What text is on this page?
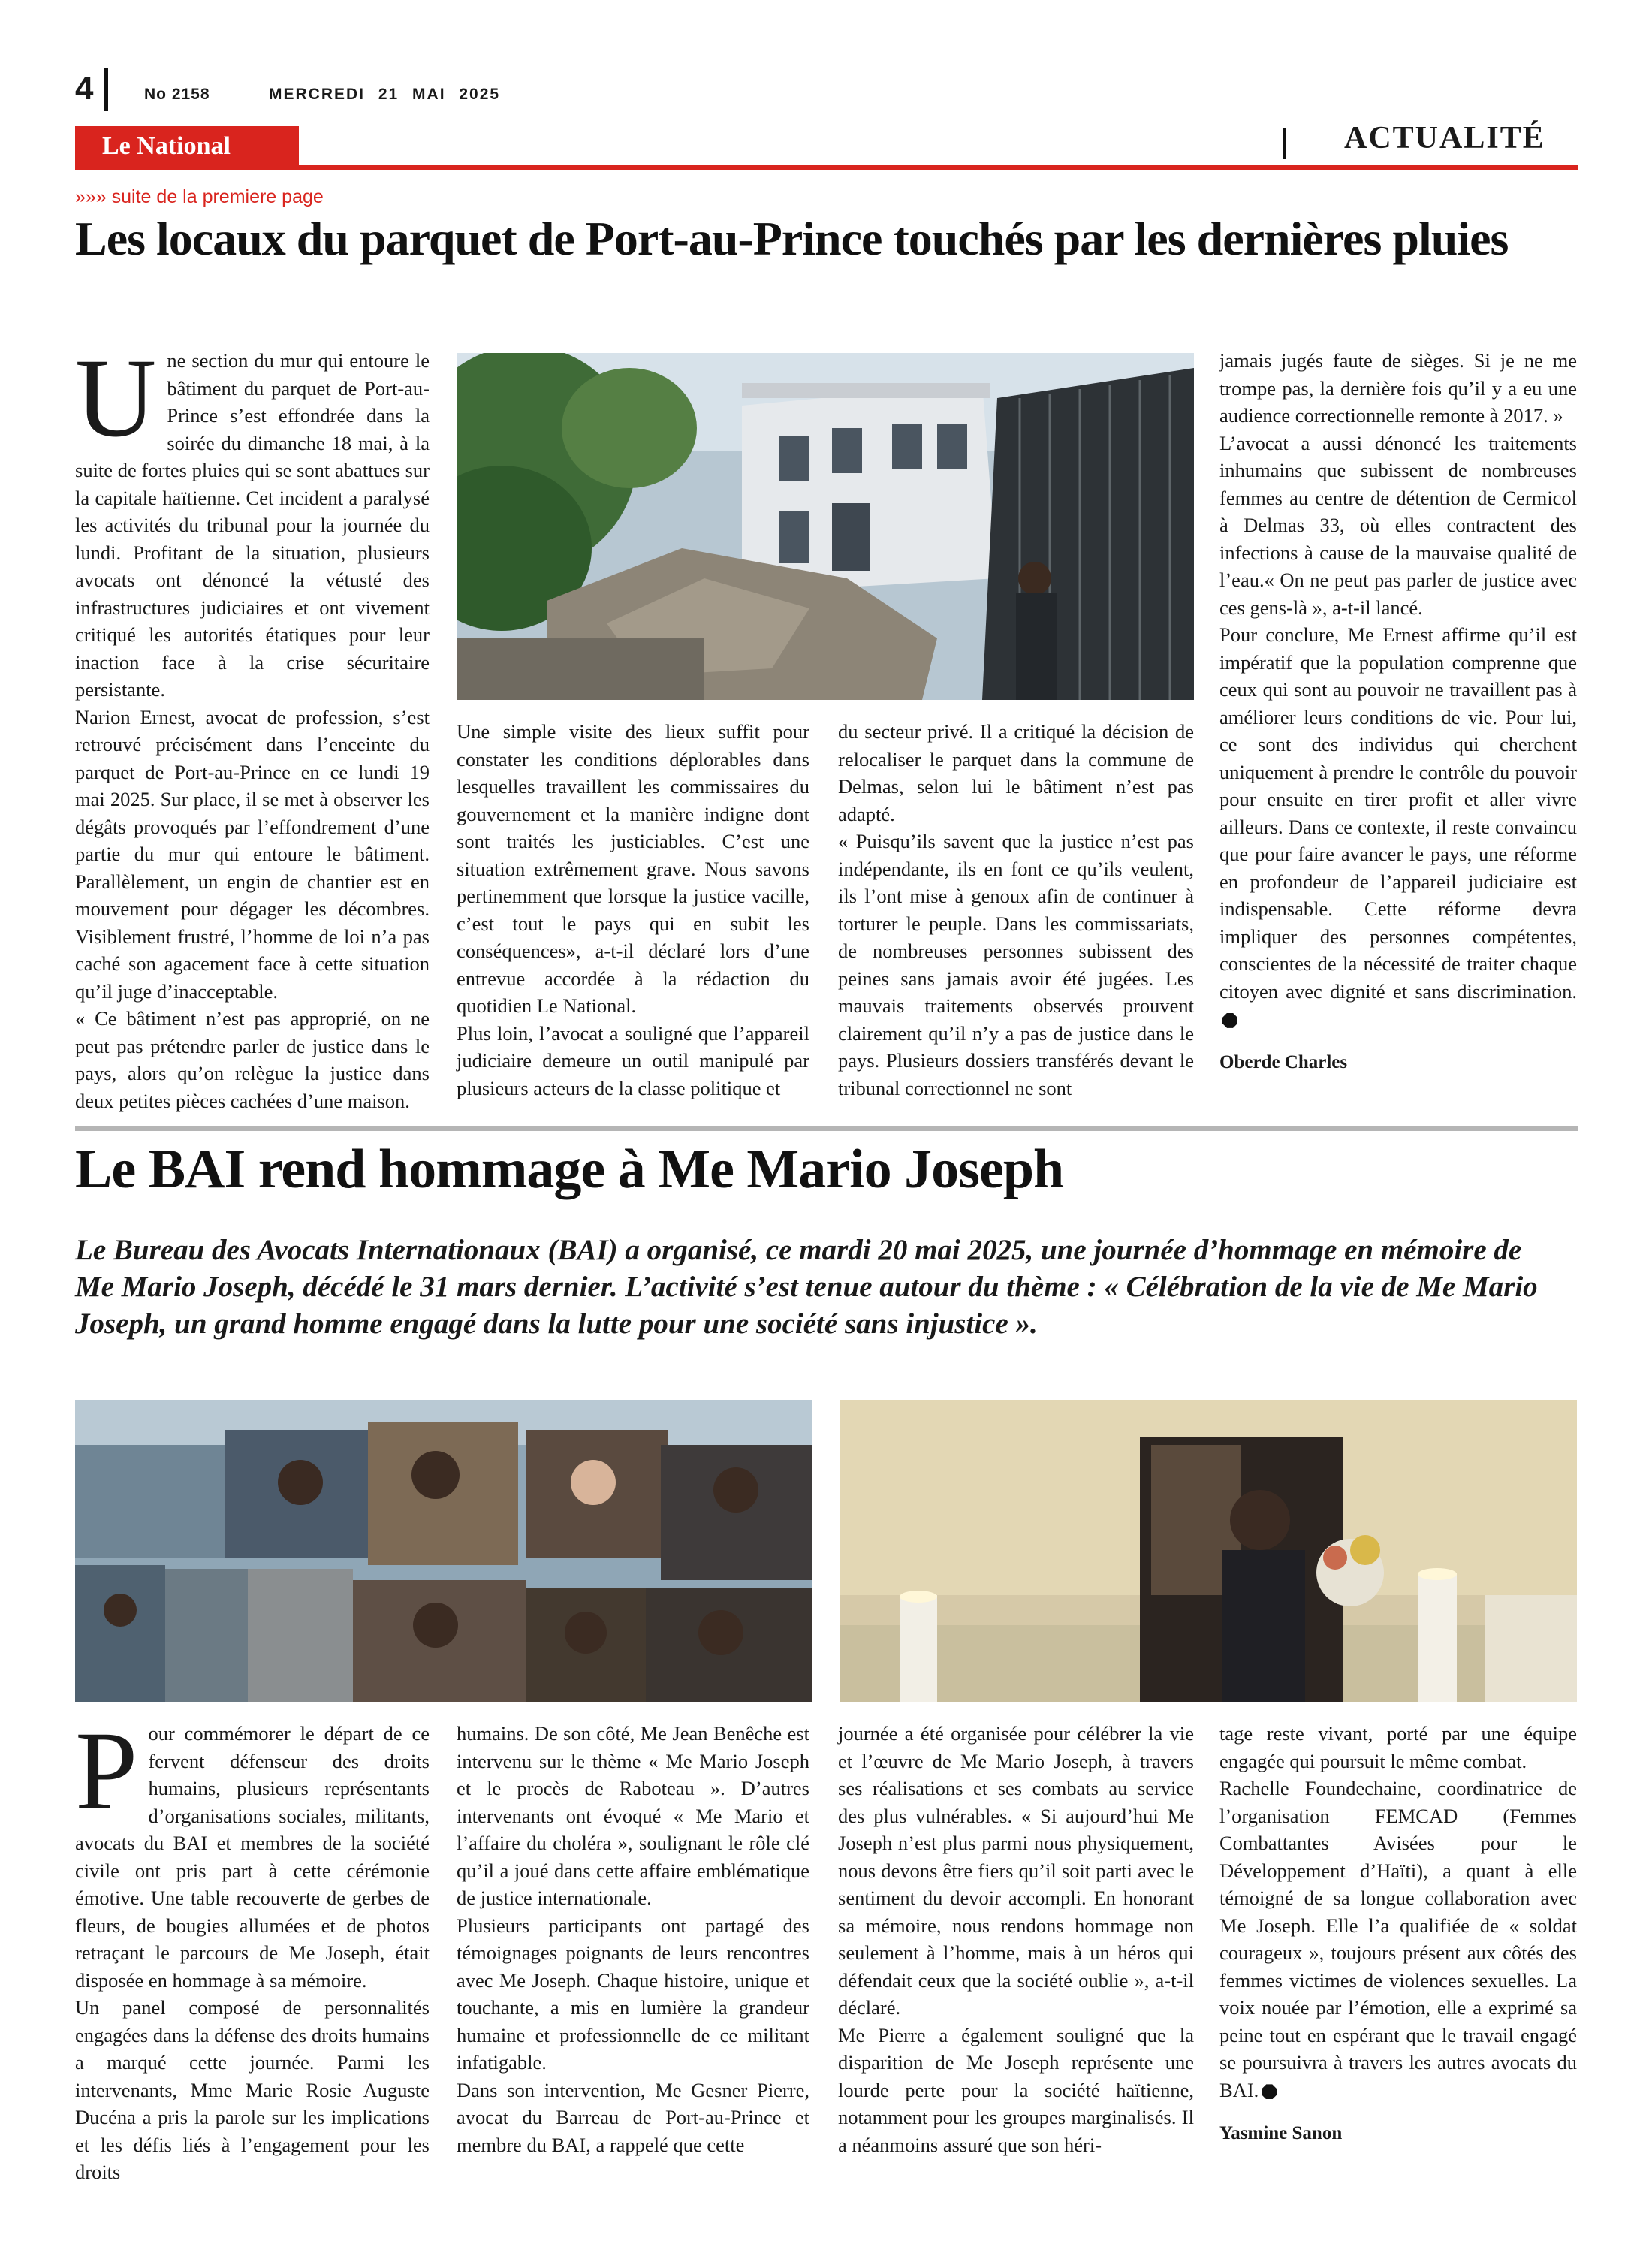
4	No 2158	MERCREDI 21 MAI 2025
Le National	ACTUALITÉ
»»» suite de la premiere page
Les locaux du parquet de Port-au-Prince touchés par les dernières pluies
U ne section du mur qui entoure le bâtiment du parquet de Port-au-Prince s’est effondrée dans la soirée du dimanche 18 mai, à la suite de fortes pluies qui se sont abattues sur la capitale haïtienne. Cet incident a paralysé les activités du tribunal pour la journée du lundi. Profitant de la situation, plusieurs avocats ont dénoncé la vétusté des infrastructures judiciaires et ont vivement critiqué les autorités étatiques pour leur inaction face à la crise sécuritaire persistante.

Narion Ernest, avocat de profession, s’est retrouvé précisément dans l’enceinte du parquet de Port-au-Prince en ce lundi 19 mai 2025. Sur place, il se met à observer les dégâts provoqués par l’effondrement d’une partie du mur qui entoure le bâtiment. Parallèlement, un engin de chantier est en mouvement pour dégager les décombres. Visiblement frustré, l’homme de loi n’a pas caché son agacement face à cette situation qu’il juge d’inacceptable.

« Ce bâtiment n’est pas approprié, on ne peut pas prétendre parler de justice dans le pays, alors qu’on relègue la justice dans deux petites pièces cachées d’une maison.

Une simple visite des lieux suffit pour constater les conditions déplorables dans lesquelles travaillent les commissaires du gouvernement et la manière indigne dont sont traités les justiciables. C’est une situation extrêmement grave. Nous savons pertinemment que lorsque la justice vacille, c’est tout le pays qui en subit les conséquences», a-t-il déclaré lors d’une entrevue accordée à la rédaction du quotidien Le National.

Plus loin, l’avocat a souligné que l’appareil judiciaire demeure un outil manipulé par plusieurs acteurs de la classe politique et

du secteur privé. Il a critiqué la décision de relocaliser le parquet dans la commune de Delmas, selon lui le bâtiment n’est pas adapté.

« Puisqu’ils savent que la justice n’est pas indépendante, ils en font ce qu’ils veulent, ils l’ont mise à genoux afin de continuer à torturer le peuple. Dans les commissariats, de nombreuses personnes subissent des peines sans jamais avoir été jugées. Les mauvais traitements observés prouvent clairement qu’il n’y a pas de justice dans le pays. Plusieurs dossiers transférés devant le tribunal correctionnel ne sont

jamais jugés faute de sièges. Si je ne me trompe pas, la dernière fois qu’il y a eu une audience correctionnelle remonte à 2017. »

L’avocat a aussi dénoncé les traitements inhumains que subissent de nombreuses femmes au centre de détention de Cermicol à Delmas 33, où elles contractent des infections à cause de la mauvaise qualité de l’eau.« On ne peut pas parler de justice avec ces gens-là », a-t-il lancé.

Pour conclure, Me Ernest affirme qu’il est impératif que la population comprenne que ceux qui sont au pouvoir ne travaillent pas à améliorer leurs conditions de vie. Pour lui, ce sont des individus qui cherchent uniquement à prendre le contrôle du pouvoir pour ensuite en tirer profit et aller vivre ailleurs. Dans ce contexte, il reste convaincu que pour faire avancer le pays, une réforme en profondeur de l’appareil judiciaire est indispensable. Cette réforme devra impliquer des personnes compétentes, conscientes de la nécessité de traiter chaque citoyen avec dignité et sans discrimination.

Oberde Charles
Le BAI rend hommage à Me Mario Joseph
Le Bureau des Avocats Internationaux (BAI) a organisé, ce mardi 20 mai 2025, une journée d’hommage en mémoire de Me Mario Joseph, décédé le 31 mars dernier. L’activité s’est tenue autour du thème : « Célébration de la vie de Me Mario Joseph, un grand homme engagé dans la lutte pour une société sans injustice ».
P our commémorer le départ de ce fervent défenseur des droits humains, plusieurs représentants d’organisations sociales, militants, avocats du BAI et membres de la société civile ont pris part à cette cérémonie émotive. Une table recouverte de gerbes de fleurs, de bougies allumées et de photos retraçant le parcours de Me Joseph, était disposée en hommage à sa mémoire.

Un panel composé de personnalités engagées dans la défense des droits humains a marqué cette journée. Parmi les intervenants, Mme Marie Rosie Auguste Ducéna a pris la parole sur les implications et les défis liés à l’engagement pour les droits

humains. De son côté, Me Jean Benêche est intervenu sur le thème « Me Mario Joseph et le procès de Raboteau ». D’autres intervenants ont évoqué « Me Mario et l’affaire du choléra », soulignant le rôle clé qu’il a joué dans cette affaire emblématique de justice internationale.

Plusieurs participants ont partagé des témoignages poignants de leurs rencontres avec Me Joseph. Chaque histoire, unique et touchante, a mis en lumière la grandeur humaine et professionnelle de ce militant infatigable.

Dans son intervention, Me Gesner Pierre, avocat du Barreau de Port-au-Prince et membre du BAI, a rappelé que cette

journée a été organisée pour célébrer la vie et l’œuvre de Me Mario Joseph, à travers ses réalisations et ses combats au service des plus vulnérables. « Si aujourd’hui Me Joseph n’est plus parmi nous physiquement, nous devons être fiers qu’il soit parti avec le sentiment du devoir accompli. En honorant sa mémoire, nous rendons hommage non seulement à l’homme, mais à un héros qui défendait ceux que la société oublie », a-t-il déclaré.

Me Pierre a également souligné que la disparition de Me Joseph représente une lourde perte pour la société haïtienne, notamment pour les groupes marginalisés. Il a néanmoins assuré que son héri-

tage reste vivant, porté par une équipe engagée qui poursuit le même combat.

Rachelle Foundechaine, coordinatrice de l’organisation FEMCAD (Femmes Combattantes Avisées pour le Développement d’Haïti), a quant à elle témoigné de sa longue collaboration avec Me Joseph. Elle l’a qualifiée de « soldat courageux », toujours présent aux côtés des femmes victimes de violences sexuelles. La voix nouée par l’émotion, elle a exprimé sa peine tout en espérant que le travail engagé se poursuivra à travers les autres avocats du BAI.

Yasmine Sanon
